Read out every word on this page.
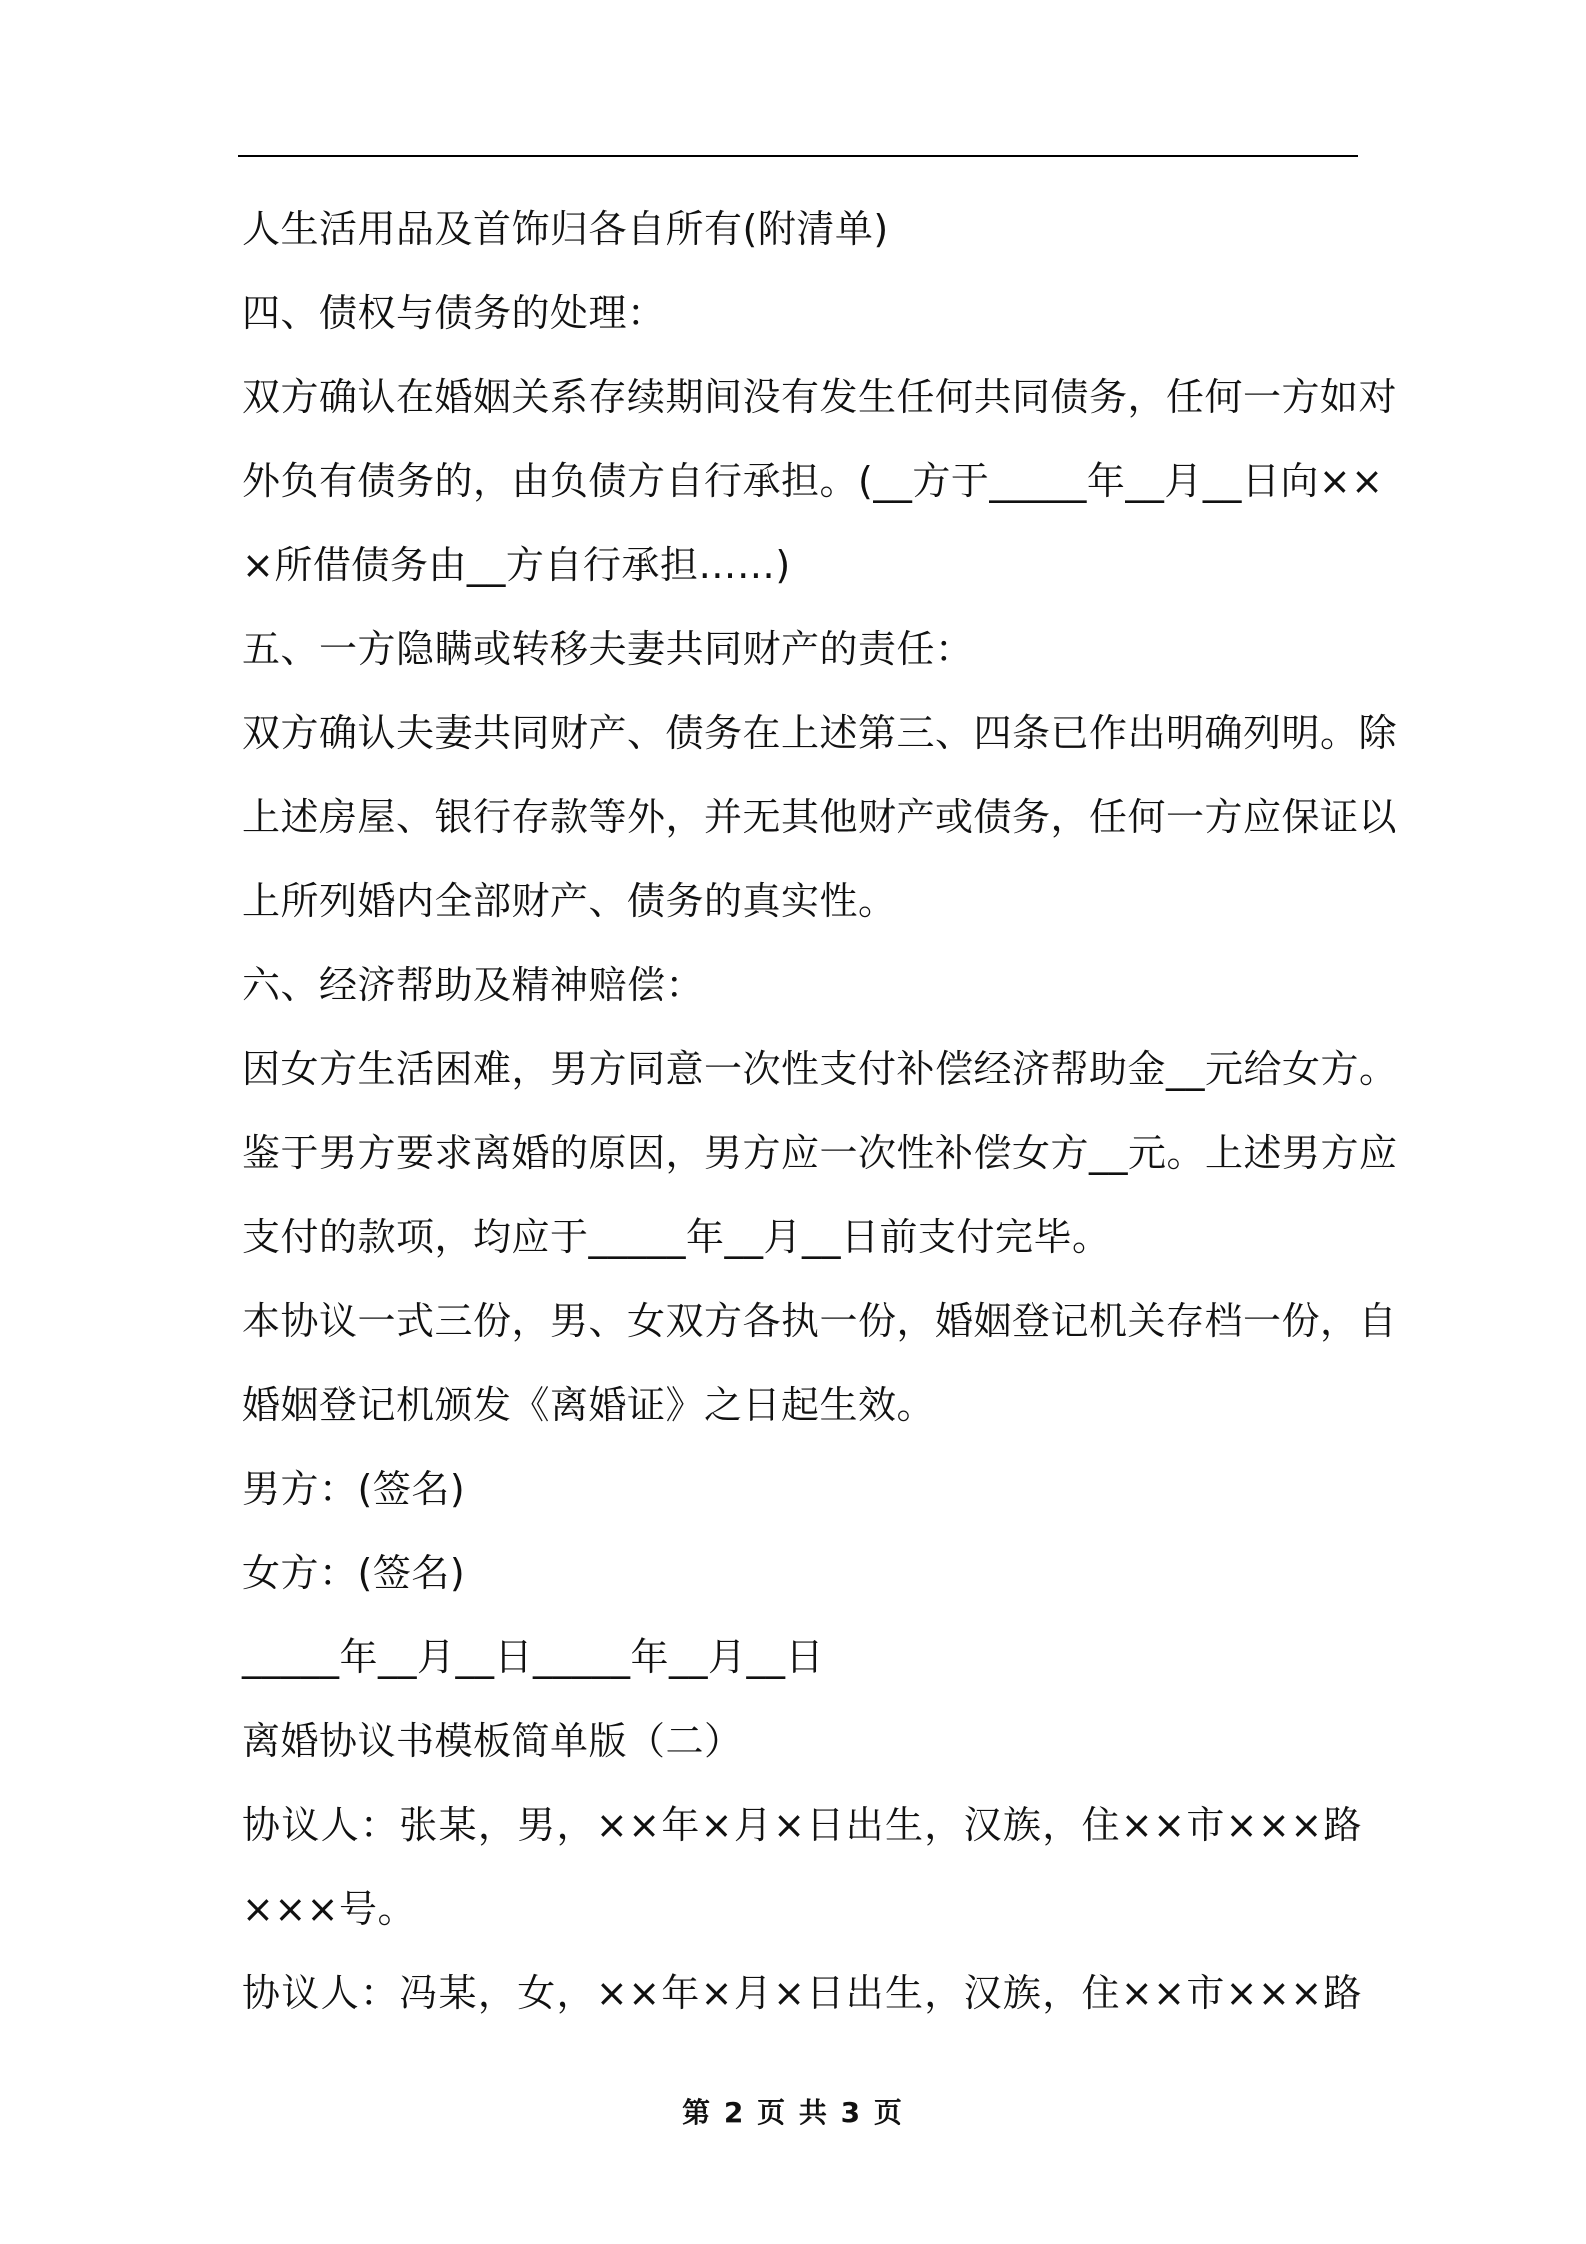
人生活用品及首饰归各自所有(附清单)
四、债权与债务的处理：
双方确认在婚姻关系存续期间没有发生任何共同债务，任何一方如对
外负有债务的，由负债方自行承担。(__方于_____年__月__日向××
×所借债务由__方自行承担……)
五、一方隐瞒或转移夫妻共同财产的责任：
双方确认夫妻共同财产、债务在上述第三、四条已作出明确列明。除
上述房屋、银行存款等外，并无其他财产或债务，任何一方应保证以
上所列婚内全部财产、债务的真实性。
六、经济帮助及精神赔偿：
因女方生活困难，男方同意一次性支付补偿经济帮助金__元给女方。
鉴于男方要求离婚的原因，男方应一次性补偿女方__元。上述男方应
支付的款项，均应于_____年__月__日前支付完毕。
本协议一式三份，男、女双方各执一份，婚姻登记机关存档一份，自
婚姻登记机颁发《离婚证》之日起生效。
男方：(签名)
女方：(签名)
_____年__月__日_____年__月__日
离婚协议书模板简单版（二）
协议人：张某，男，××年×月×日出生，汉族，住××市×××路
×××号。
协议人：冯某，女，××年×月×日出生，汉族，住××市×××路
第 2 页 共 3 页
